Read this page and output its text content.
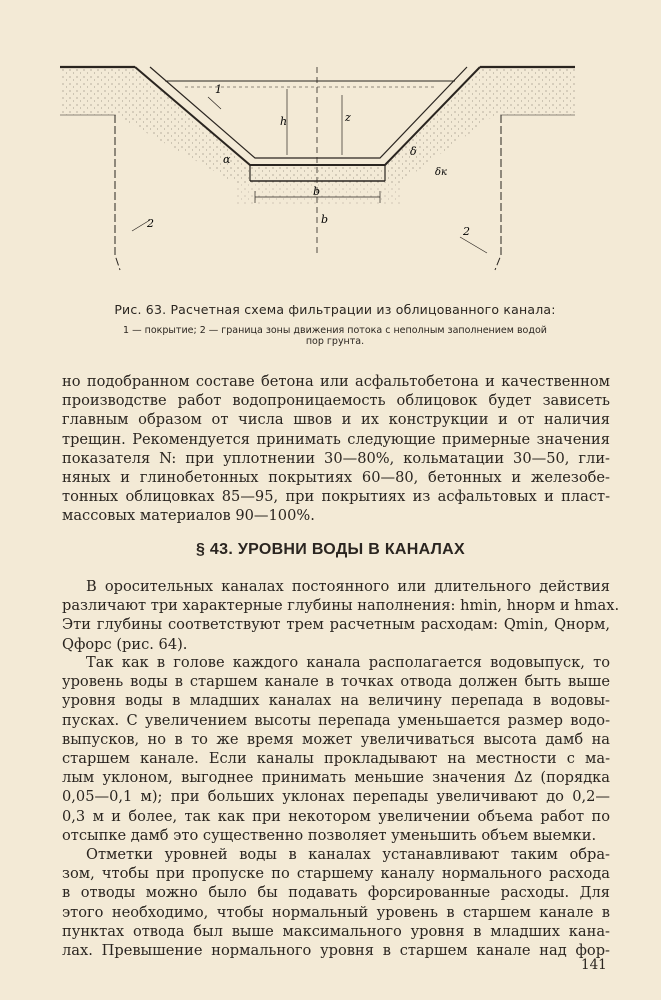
1
2
2
h	z
α
δ
δк
b
b
Рис. 63. Расчетная схема фильтрации из облицованного канала:
1 — покрытие; 2 — граница зоны движения потока с неполным заполнением водой
пор грунта.
но подобранном составе бетона или асфальтобетона и качественном
производстве работ водопроницаемость облицовок будет зависеть
главным образом от числа швов и их конструкции и от наличия
трещин. Рекомендуется принимать следующие примерные значения
показателя N: при уплотнении 30—80%, кольматации 30—50, гли-
няных и глинобетонных покрытиях 60—80, бетонных и железобе-
тонных облицовках 85—95, при покрытиях из асфальтовых и пласт-
массовых материалов 90—100%.
§ 43. УРОВНИ ВОДЫ В КАНАЛАХ
В оросительных каналах постоянного или длительного действия
различают три характерные глубины наполнения: hmin, hнорм и hmax.
Эти глубины соответствуют трем расчетным расходам: Qmin, Qнорм,
Qфорс (рис. 64).
Так как в голове каждого канала располагается водовыпуск, то
уровень воды в старшем канале в точках отвода должен быть выше
уровня воды в младших каналах на величину перепада в водовы-
пусках. С увеличением высоты перепада уменьшается размер водо-
выпусков, но в то же время может увеличиваться высота дамб на
старшем канале. Если каналы прокладывают на местности с ма-
лым уклоном, выгоднее принимать меньшие значения Δz (порядка
0,05—0,1 м); при больших уклонах перепады увеличивают до 0,2—
0,3 м и более, так как при некотором увеличении объема работ по
отсыпке дамб это существенно позволяет уменьшить объем выемки.
Отметки уровней воды в каналах устанавливают таким обра-
зом, чтобы при пропуске по старшему каналу нормального расхода
в отводы можно было бы подавать форсированные расходы. Для
этого необходимо, чтобы нормальный уровень в старшем канале в
пунктах отвода был выше максимального уровня в младших кана-
лах. Превышение нормального уровня в старшем канале над фор-
141
